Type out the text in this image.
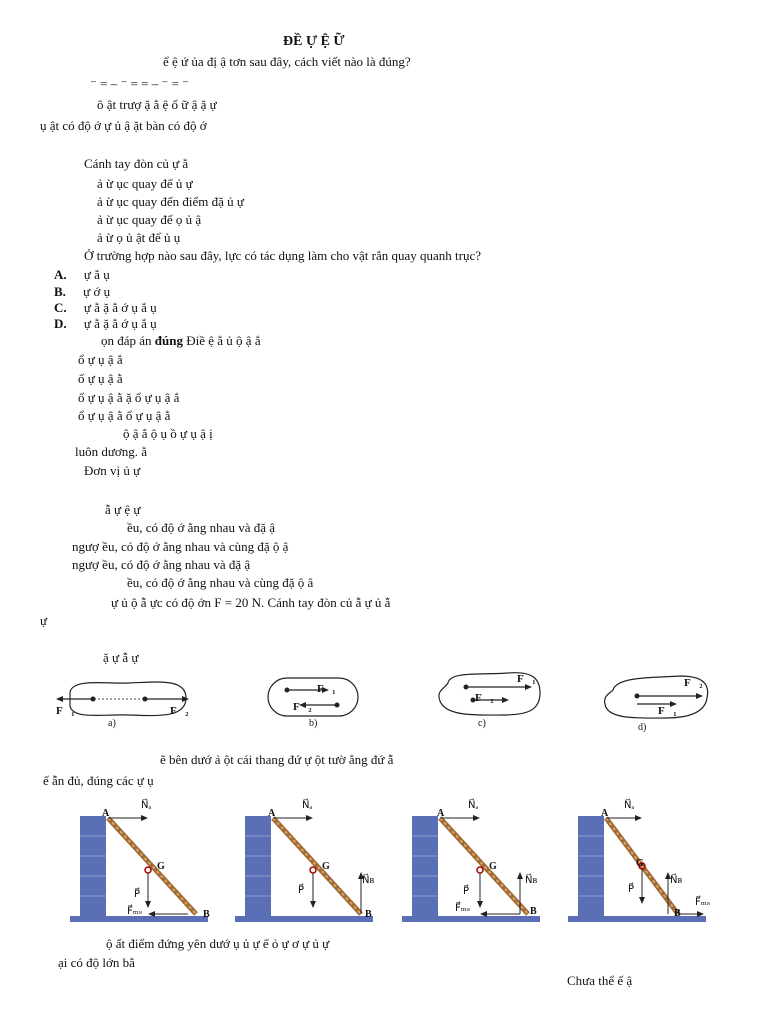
ĐỀ Ự Ệ Ữ
ể ệ ứ ủa đị ậ tơn sau đây, cách viết nào là đúng?
⁻ = – ⁻ = = – ⁻ = ⁻
ô ật trượ ặ ằ ệ ố ữ ậ ặ ự
ụ ật có độ ớ ự ủ ậ ặt bàn có độ ớ
Cánh tay đòn củ ự ằ
ả ừ ục quay đế ủ ự
ả ừ ục quay đến điểm đặ ủ ự
ả ừ ục quay đế ọ ủ ậ
ả ừ ọ ủ ật để ủ ụ
Ở trường hợp nào sau đây, lực có tác dụng làm cho vật rắn quay quanh trục?
A. ự ắ ụ
B. ự ớ ụ
C. ự ằ ặ ằ ớ ụ ắ ụ
D. ự ằ ặ ằ ớ ụ ắ ụ
ọn đáp án đúng Điề ệ ằ ủ ộ ậ ắ
ổ ự ụ ậ ắ
ố ự ụ ậ ằ
ổ ự ụ ậ ằ ặ ổ ự ụ ậ ắ
ổ ự ụ ậ ằ ổ ự ụ ậ ằ
ộ ậ ắ ộ ụ ồ ự ụ ậ ị
luôn dương. ằ
Đơn vị ủ ự
ẫ ự ệ ự
ều, có độ ớ ằng nhau và đặ ậ
ngượ ều, có độ ớ ằng nhau và cùng đặ ộ ậ
ngượ ều, có độ ớ ằng nhau và đặ ậ
ều, có độ ớ ằng nhau và cùng đặ ộ â
ự ủ ộ ẫ ực có độ ớn F = 20 N. Cánh tay đòn củ ẫ ự ủ ẫ
ự
ặ ự ẫ ự
F⃗₁	F⃗₂
a)
F⃗₁
F⃗₂
b)
F⃗₁
F⃗₂
c)
F⃗₂
F⃗₁
d)
ẽ bên dướ ả ột cái thang đứ ự ột tườ ẳng đứ ẫ
ế ẫn đủ, đúng các ự ụ
A
N⃗ₐ
G
P⃗
F⃗ₘₛ	B
A
N⃗ₐ
G
P⃗
N⃗ʙ
B
A
N⃗ₐ
G
P⃗
N⃗ʙ
F⃗ₘₛ	B
A
N⃗ₐ
G
P⃗
N⃗ʙ
F⃗ₘₛ
B
ộ ất điểm đứng yên dướ ụ ủ ự ế ỏ ự ơ ự ủ ự
ại có độ lớn bằ
Chưa thể ế ậ
